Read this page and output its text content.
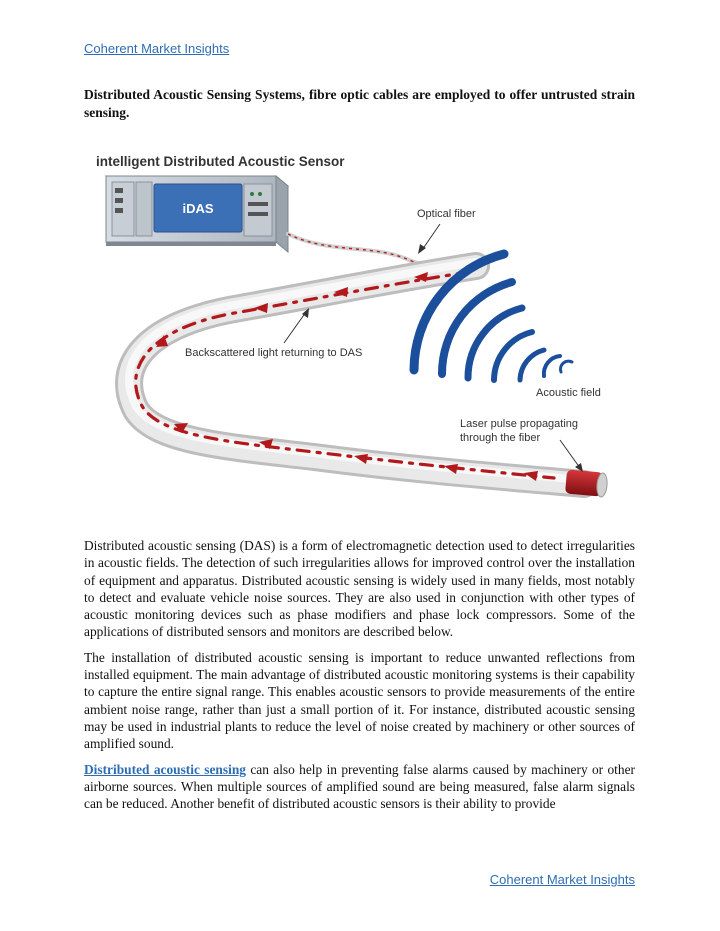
Coherent Market Insights
Distributed Acoustic Sensing Systems, fibre optic cables are employed to offer untrusted strain sensing.
intelligent Distributed Acoustic Sensor
iDAS	Optical fiber
Backscattered light returning to DAS
Acoustic field
Laser pulse propagating
through the fiber

Distributed acoustic sensing (DAS) is a form of electromagnetic detection used to detect irregularities in acoustic fields. The detection of such irregularities allows for improved control over the installation of equipment and apparatus. Distributed acoustic sensing is widely used in many fields, most notably to detect and evaluate vehicle noise sources. They are also used in conjunction with other types of acoustic monitoring devices such as phase modifiers and phase lock compressors. Some of the applications of distributed sensors and monitors are described below.

The installation of distributed acoustic sensing is important to reduce unwanted reflections from installed equipment. The main advantage of distributed acoustic monitoring systems is their capability to capture the entire signal range. This enables acoustic sensors to provide measurements of the entire ambient noise range, rather than just a small portion of it. For instance, distributed acoustic sensing may be used in industrial plants to reduce the level of noise created by machinery or other sources of amplified sound.

Distributed acoustic sensing can also help in preventing false alarms caused by machinery or other airborne sources. When multiple sources of amplified sound are being measured, false alarm signals can be reduced. Another benefit of distributed acoustic sensors is their ability to provide

Coherent Market Insights
